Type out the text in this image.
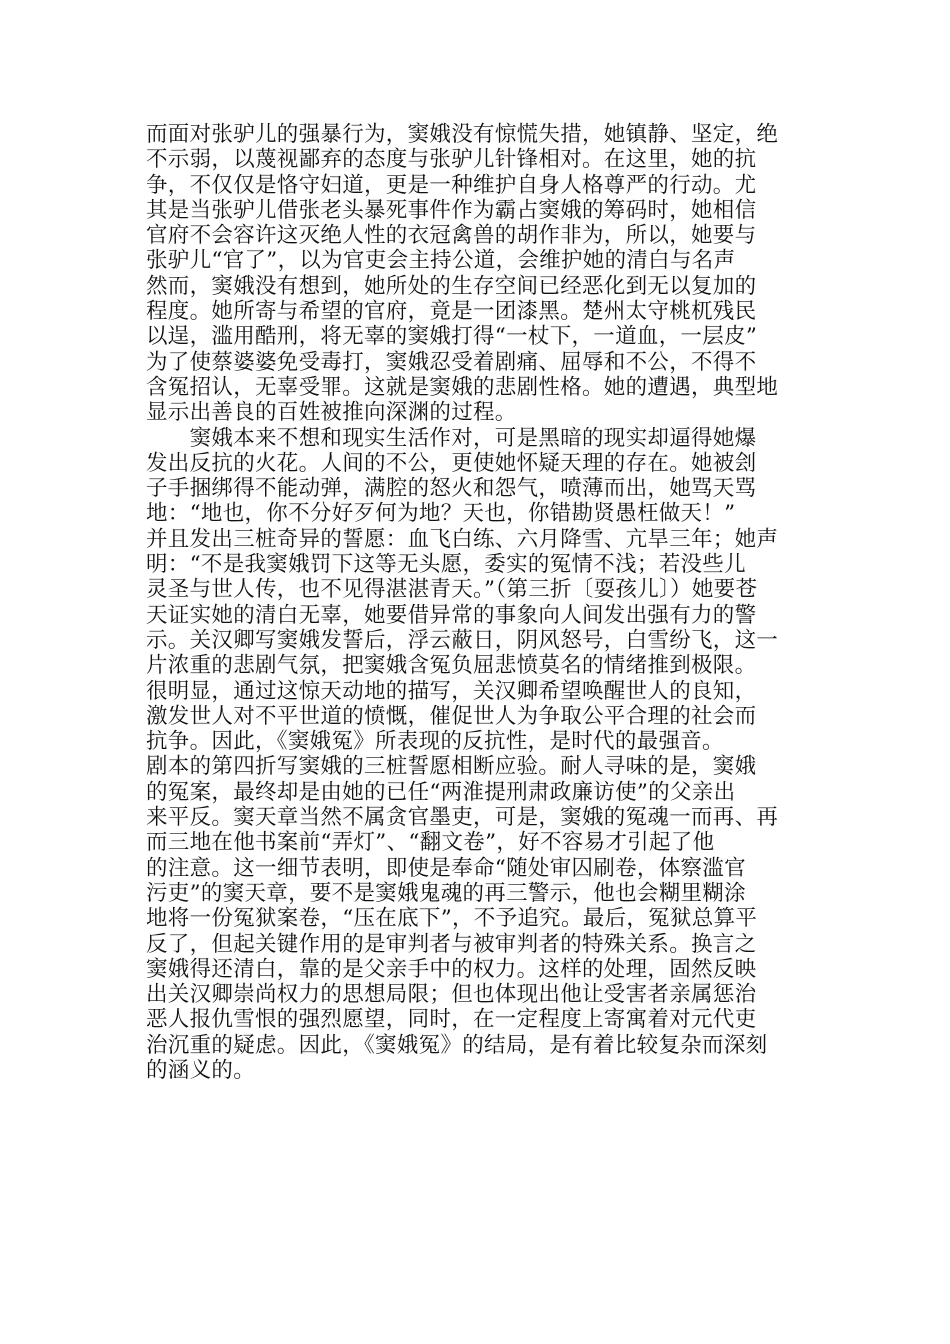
而面对张驴儿的强暴行为，窦娥没有惊慌失措，她镇静、坚定，绝
不示弱，以蔑视鄙弃的态度与张驴儿针锋相对。在这里，她的抗
争，不仅仅是恪守妇道，更是一种维护自身人格尊严的行动。尤
其是当张驴儿借张老头暴死事件作为霸占窦娥的筹码时，她相信
官府不会容许这灭绝人性的衣冠禽兽的胡作非为，所以，她要与
张驴儿“官了”，以为官吏会主持公道，会维护她的清白与名声
然而，窦娥没有想到，她所处的生存空间已经恶化到无以复加的
程度。她所寄与希望的官府，竟是一团漆黑。楚州太守桃杌残民
以逞，滥用酷刑，将无辜的窦娥打得“一杖下，一道血，一层皮”
为了使蔡婆婆免受毒打，窦娥忍受着剧痛、屈辱和不公，不得不
含冤招认，无辜受罪。这就是窦娥的悲剧性格。她的遭遇，典型地
显示出善良的百姓被推向深渊的过程。
　　窦娥本来不想和现实生活作对，可是黑暗的现实却逼得她爆
发出反抗的火花。人间的不公，更使她怀疑天理的存在。她被刽
子手捆绑得不能动弹，满腔的怒火和怨气，喷薄而出，她骂天骂
地：“地也，你不分好歹何为地？天也，你错勘贤愚枉做天！”
并且发出三桩奇异的誓愿：血飞白练、六月降雪、亢旱三年；她声
明：“不是我窦娥罚下这等无头愿，委实的冤情不浅；若没些儿
灵圣与世人传，也不见得湛湛青天。”（第三折〔耍孩儿〕）她要苍
天证实她的清白无辜，她要借异常的事象向人间发出强有力的警
示。关汉卿写窦娥发誓后，浮云蔽日，阴风怒号，白雪纷飞，这一
片浓重的悲剧气氛，把窦娥含冤负屈悲愤莫名的情绪推到极限。
很明显，通过这惊天动地的描写，关汉卿希望唤醒世人的良知，
激发世人对不平世道的愤慨，催促世人为争取公平合理的社会而
抗争。因此，《窦娥冤》所表现的反抗性，是时代的最强音。
剧本的第四折写窦娥的三桩誓愿相断应验。耐人寻味的是，窦娥
的冤案，最终却是由她的已任“两淮提刑肃政廉访使”的父亲出
来平反。窦天章当然不属贪官墨吏，可是，窦娥的冤魂一而再、再
而三地在他书案前“弄灯”、“翻文卷”，好不容易才引起了他
的注意。这一细节表明，即使是奉命“随处审囚刷卷，体察滥官
污吏”的窦天章，要不是窦娥鬼魂的再三警示，他也会糊里糊涂
地将一份冤狱案卷，“压在底下”，不予追究。最后，冤狱总算平
反了，但起关键作用的是审判者与被审判者的特殊关系。换言之
窦娥得还清白，靠的是父亲手中的权力。这样的处理，固然反映
出关汉卿崇尚权力的思想局限；但也体现出他让受害者亲属惩治
恶人报仇雪恨的强烈愿望，同时，在一定程度上寄寓着对元代吏
治沉重的疑虑。因此，《窦娥冤》的结局，是有着比较复杂而深刻
的涵义的。
